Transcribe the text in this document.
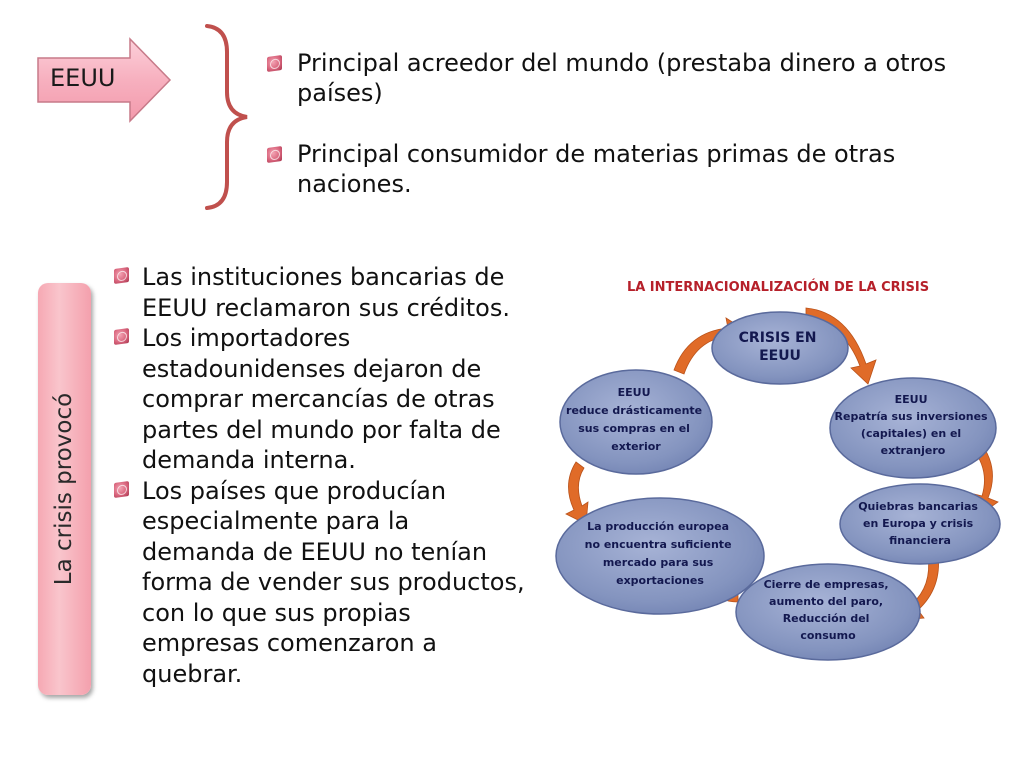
EEUU
Principal acreedor del mundo (prestaba dinero a otros países)
Principal consumidor de materias primas de otras naciones.
La crisis provocó
Las instituciones bancarias de EEUU reclamaron sus créditos.
Los importadores estadounidenses dejaron de comprar mercancías de otras partes del mundo por falta de demanda interna.
Los países que producían especialmente para la demanda de EEUU no tenían forma de vender sus productos, con lo que sus propias empresas comenzaron a quebrar.
LA INTERNACIONALIZACIÓN DE LA CRISIS
CRISIS EN EEUU
EEUU Repatría sus inversiones (capitales) en el extranjero
Quiebras bancarias en Europa y crisis financiera
Cierre de empresas, aumento del paro, Reducción del consumo
La producción europea no encuentra suficiente mercado para sus exportaciones
EEUU reduce drásticamente sus compras en el exterior
